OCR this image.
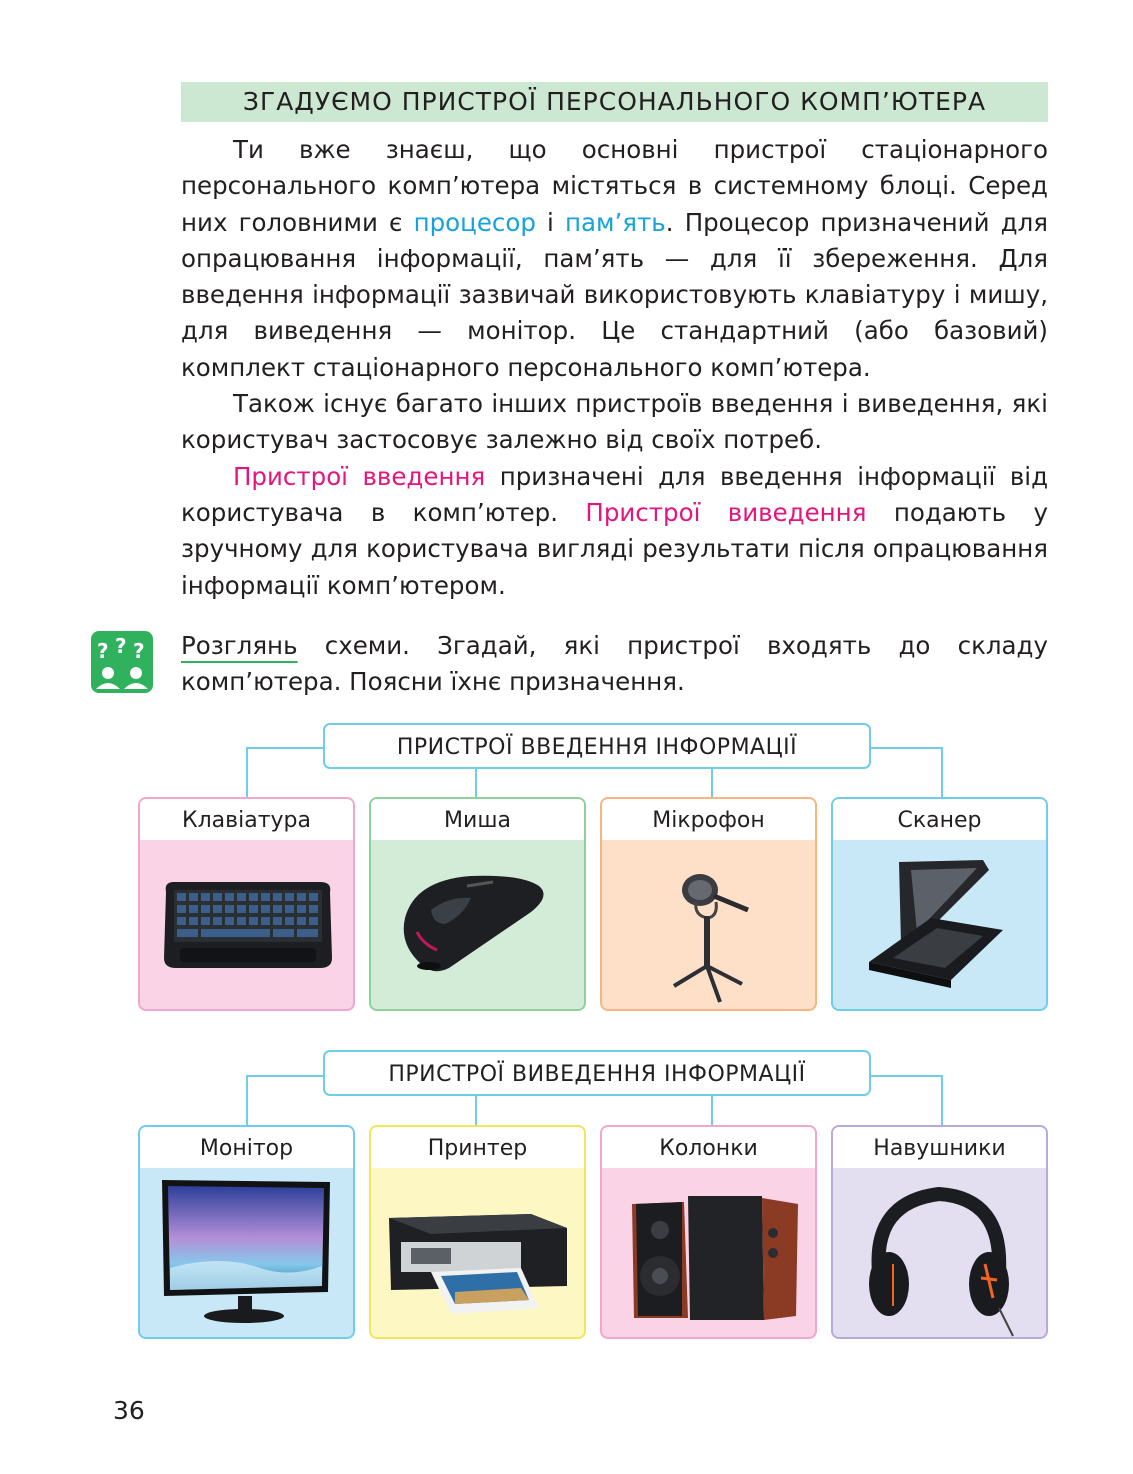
ЗГАДУЄМО ПРИСТРОЇ ПЕРСОНАЛЬНОГО КОМП’ЮТЕРА

Ти вже знаєш, що основні пристрої стаціонарного персонального комп’ютера містяться в системному блоці. Серед них головними є процесор і пам’ять. Процесор призначений для опрацювання інформації, пам’ять — для її збереження. Для введення інформації зазвичай використовують клавіатуру і мишу, для виведення — монітор. Це стандартний (або базовий) комплект стаціонарного персонального комп’ютера.

Також існує багато інших пристроїв введення і виведення, які користувач застосовує залежно від своїх потреб.

Пристрої введення призначені для введення інформації від користувача в комп’ютер. Пристрої виведення подають у зручному для користувача вигляді результати після опрацювання інформації комп’ютером.

? ? ? Розглянь схеми. Згадай, які пристрої входять до складу комп’ютера. Поясни їхнє призначення.

ПРИСТРОЇ ВВЕДЕННЯ ІНФОРМАЦІЇ
Клавіатура	Миша	Мікрофон	Сканер
ПРИСТРОЇ ВИВЕДЕННЯ ІНФОРМАЦІЇ
Монітор	Принтер	Колонки	Навушники
36
